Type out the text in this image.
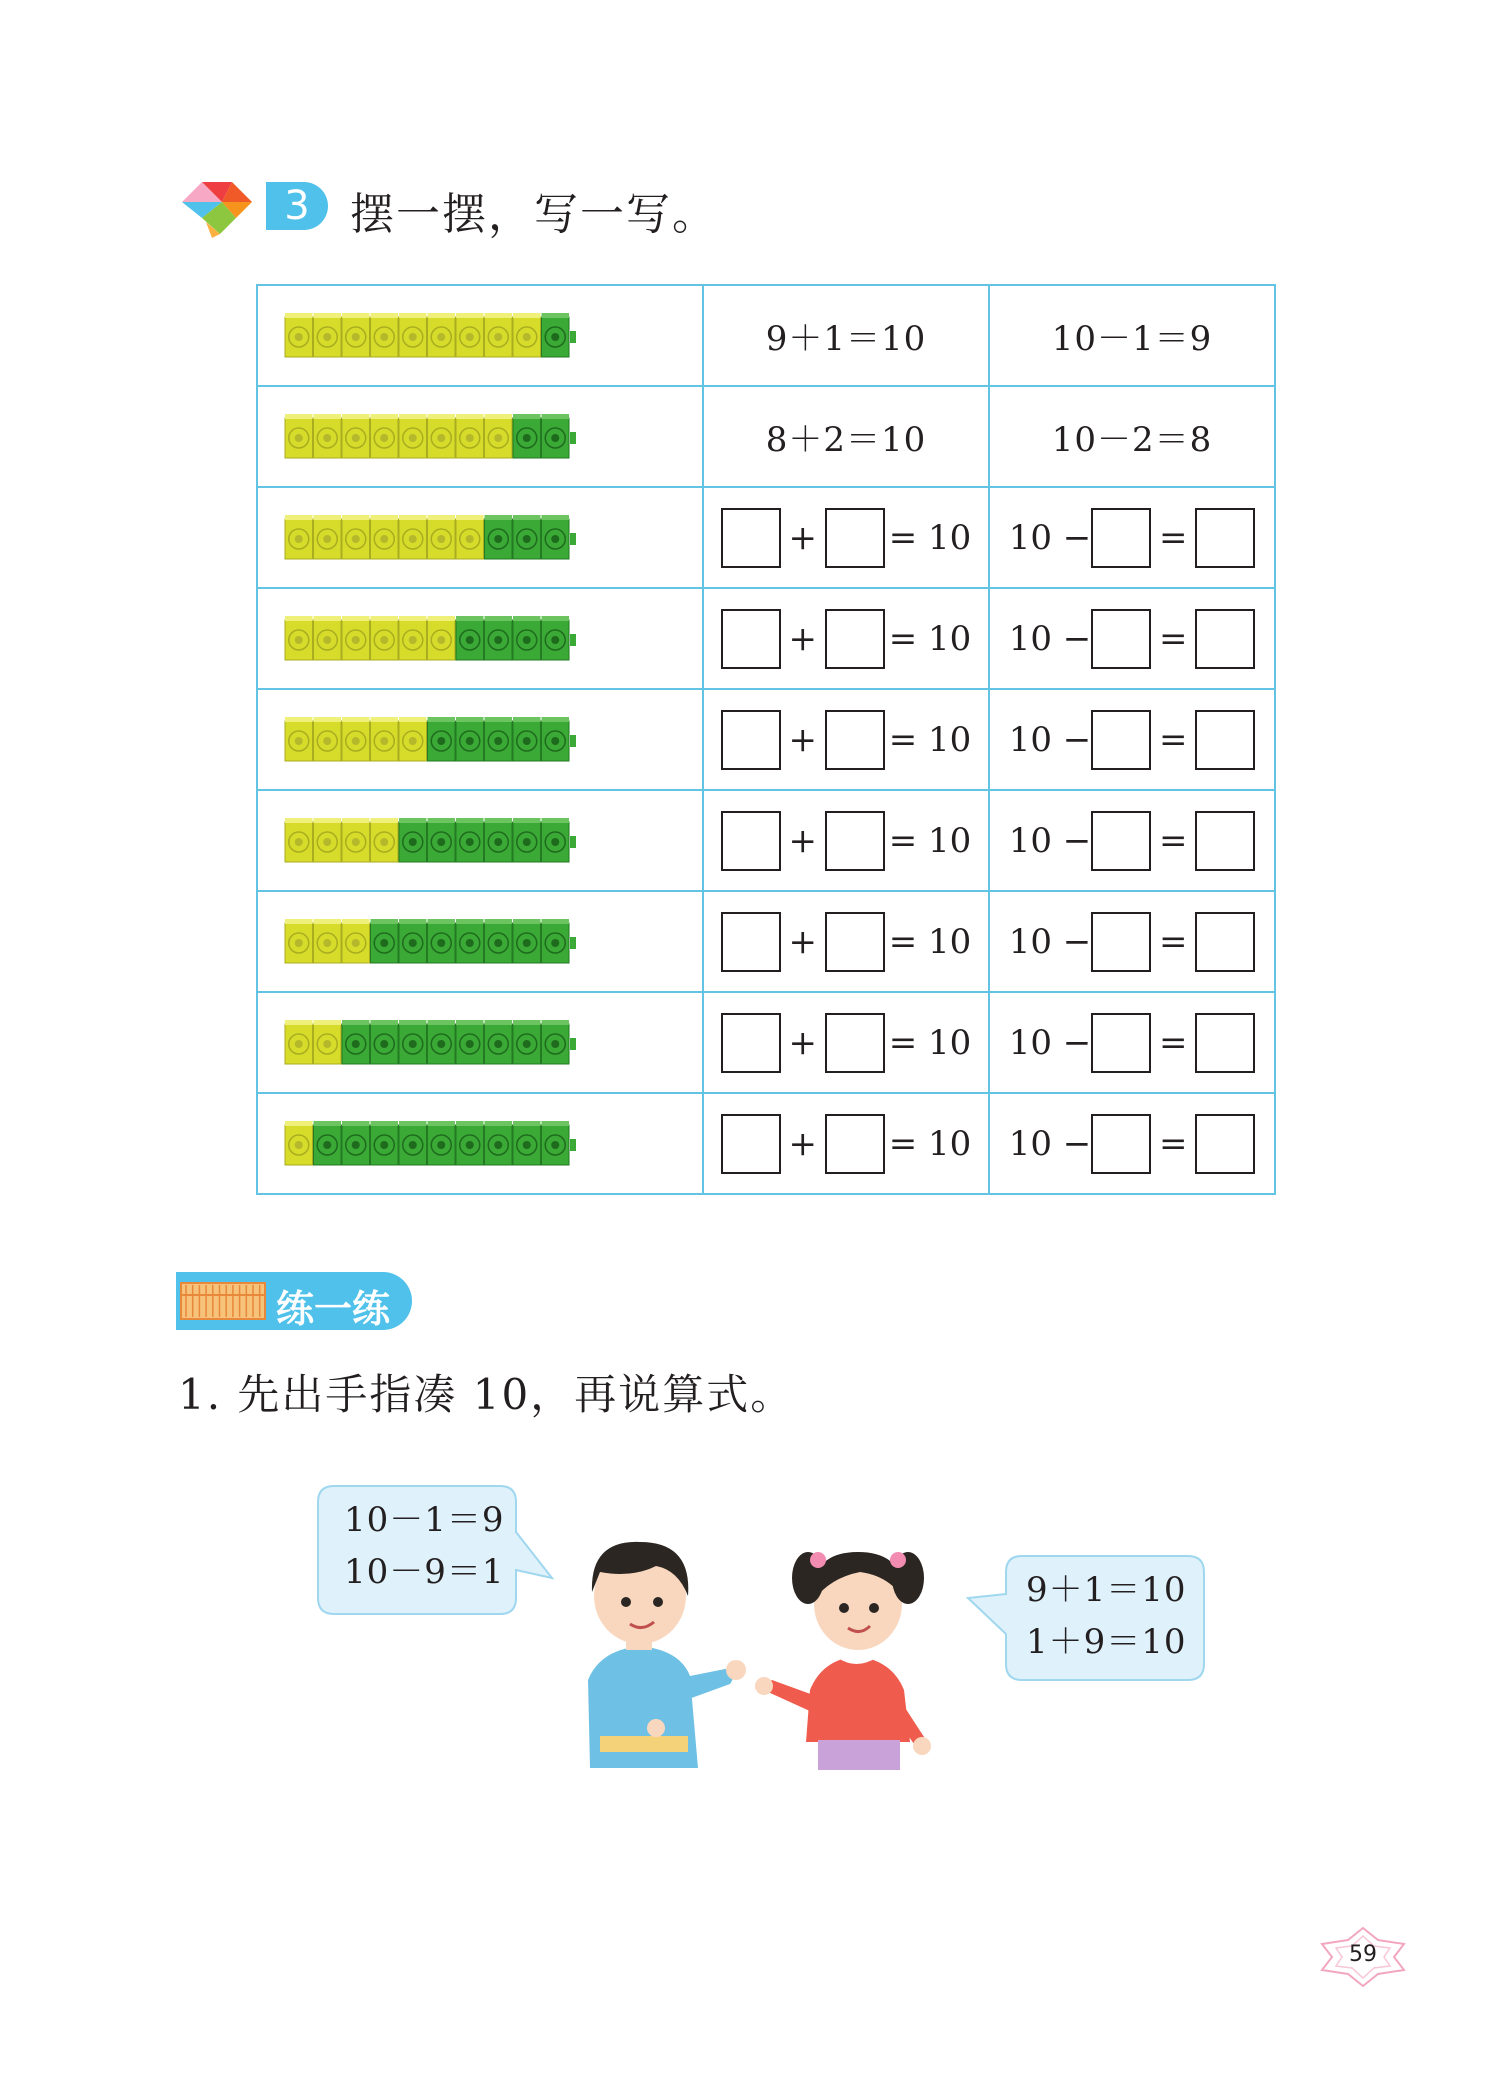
3 摆一摆，写一写。
	9＋1＝10	10－1＝9

	8＋2＝10	10－2＝8

+ = 10	10 − =

+ = 10	10 − =

+ = 10	10 − =

+ = 10	10 − =

+ = 10	10 − =

+ = 10	10 − =

+ = 10	10 − =
练一练
1. 先出手指凑 10，再说算式。
10－1＝9
10－9＝1	9＋1＝10
1＋9＝10
59
